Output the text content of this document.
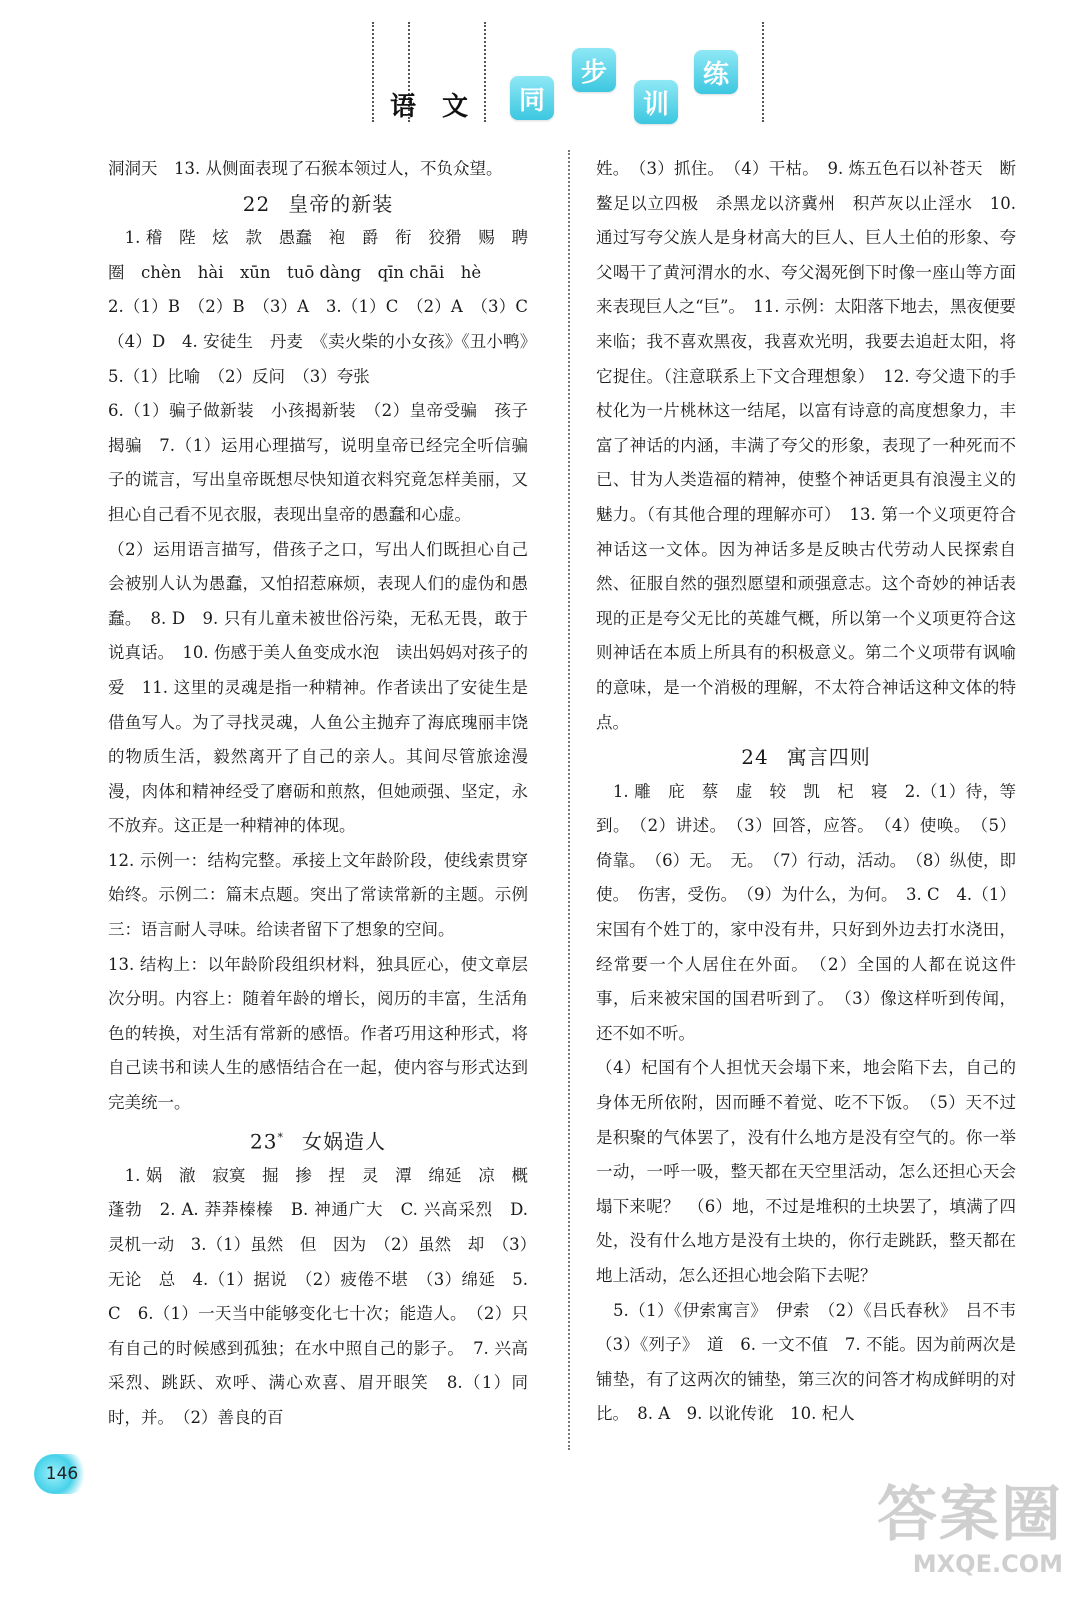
语 文	同
步
训
练

洞洞天　13. 从侧面表现了石猴本领过人，不负众望。

22 皇帝的新装

　1. 稽　陛　炫　款　愚蠢　袍　爵　衔　狡猾　赐　聘　圈　chèn　hài　xūn　tuō dàng　qīn chāi　hè

2.（1）B　（2）B　（3）A　3.（1）C　（2）A　（3）C　（4）D　4. 安徒生　丹麦　《卖火柴的小女孩》《丑小鸭》　5.（1）比喻　（2）反问　（3）夸张

6.（1）骗子做新装　小孩揭新装　（2）皇帝受骗　孩子揭骗　7.（1）运用心理描写，说明皇帝已经完全听信骗子的谎言，写出皇帝既想尽快知道衣料究竟怎样美丽，又担心自己看不见衣服，表现出皇帝的愚蠢和心虚。

（2）运用语言描写，借孩子之口，写出人们既担心自己会被别人认为愚蠢，又怕招惹麻烦，表现人们的虚伪和愚蠢。　8. D　9. 只有儿童未被世俗污染，无私无畏，敢于说真话。　10. 伤感于美人鱼变成水泡　读出妈妈对孩子的爱　11. 这里的灵魂是指一种精神。作者读出了安徒生是借鱼写人。为了寻找灵魂，人鱼公主抛弃了海底瑰丽丰饶的物质生活，毅然离开了自己的亲人。其间尽管旅途漫漫，肉体和精神经受了磨砺和煎熬，但她顽强、坚定，永不放弃。这正是一种精神的体现。

12. 示例一：结构完整。承接上文年龄阶段，使线索贯穿始终。示例二：篇末点题。突出了常读常新的主题。示例三：语言耐人寻味。给读者留下了想象的空间。

13. 结构上：以年龄阶段组织材料，独具匠心，使文章层次分明。内容上：随着年龄的增长，阅历的丰富，生活角色的转换，对生活有常新的感悟。作者巧用这种形式，将自己读书和读人生的感悟结合在一起，使内容与形式达到完美统一。

23* 女娲造人

　1. 娲　澈　寂寞　掘　掺　捏　灵　潭　绵延　凉　概　蓬勃　2. A. 莽莽榛榛　B. 神通广大　C. 兴高采烈　D. 灵机一动　3.（1）虽然　但　因为　（2）虽然　却　（3）无论　总　4.（1）据说　（2）疲倦不堪　（3）绵延　5. C　6.（1）一天当中能够变化七十次；能造人。　（2）只有自己的时候感到孤独；在水中照自己的影子。　7. 兴高采烈、跳跃、欢呼、满心欢喜、眉开眼笑　8.（1）同时，并。　（2）善良的百

姓。　（3）抓住。　（4）干枯。　9. 炼五色石以补苍天　断鳌足以立四极　杀黑龙以济冀州　积芦灰以止淫水　10. 通过写夸父族人是身材高大的巨人、巨人土伯的形象、夸父喝干了黄河渭水的水、夸父渴死倒下时像一座山等方面来表现巨人之“巨”。　11. 示例：太阳落下地去，黑夜便要来临；我不喜欢黑夜，我喜欢光明，我要去追赶太阳，将它捉住。（注意联系上下文合理想象）　12. 夸父遗下的手杖化为一片桃林这一结尾，以富有诗意的高度想象力，丰富了神话的内涵，丰满了夸父的形象，表现了一种死而不已、甘为人类造福的精神，使整个神话更具有浪漫主义的魅力。（有其他合理的理解亦可）　13. 第一个义项更符合神话这一文体。因为神话多是反映古代劳动人民探索自然、征服自然的强烈愿望和顽强意志。这个奇妙的神话表现的正是夸父无比的英雄气概，所以第一个义项更符合这则神话在本质上所具有的积极意义。第二个义项带有讽喻的意味，是一个消极的理解，不太符合神话这种文体的特点。

24 寓言四则

　1. 雕　庇　蔡　虚　较　凯　杞　寝　2.（1）待，等到。　（2）讲述。　（3）回答，应答。　（4）使唤。　（5）倚靠。　（6）无。　无。　（7）行动，活动。　（8）纵使，即使。　伤害，受伤。　（9）为什么，为何。　3. C　4.（1）宋国有个姓丁的，家中没有井，只好到外边去打水浇田，经常要一个人居住在外面。　（2）全国的人都在说这件事，后来被宋国的国君听到了。　（3）像这样听到传闻，还不如不听。

（4）杞国有个人担忧天会塌下来，地会陷下去，自己的身体无所依附，因而睡不着觉、吃不下饭。　（5）天不过是积聚的气体罢了，没有什么地方是没有空气的。你一举一动，一呼一吸，整天都在天空里活动，怎么还担心天会塌下来呢？　（6）地，不过是堆积的土块罢了，填满了四处，没有什么地方是没有土块的，你行走跳跃，整天都在地上活动，怎么还担心地会陷下去呢？

　5.（1）《伊索寓言》　伊索　（2）《吕氏春秋》　吕不韦　（3）《列子》　道　6. 一文不值　7. 不能。因为前两次是铺垫，有了这两次的铺垫，第三次的问答才构成鲜明的对比。　8. A　9. 以讹传讹　10. 杞人

146
答案圈
MXQE.COM
